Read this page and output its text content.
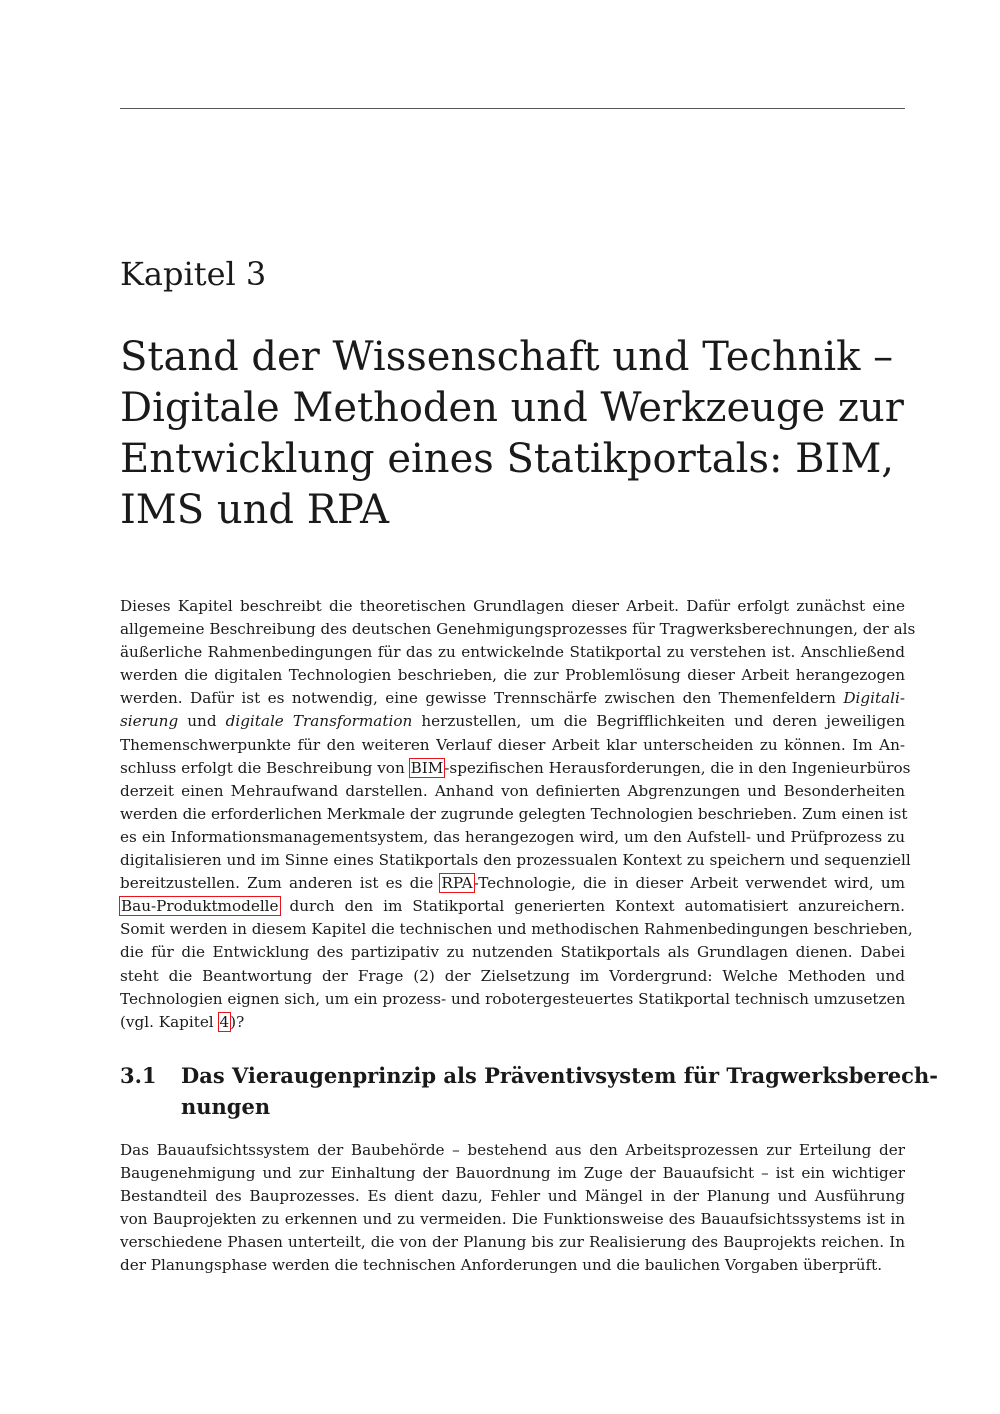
Kapitel 3
Stand der Wissenschaft und Technik –
Digitale Methoden und Werkzeuge zur
Entwicklung eines Statikportals: BIM,
IMS und RPA
Dieses Kapitel beschreibt die theoretischen Grundlagen dieser Arbeit. Dafür erfolgt zunächst eine
allgemeine Beschreibung des deutschen Genehmigungsprozesses für Tragwerksberechnungen, der als
äußerliche Rahmenbedingungen für das zu entwickelnde Statikportal zu verstehen ist. Anschließend
werden die digitalen Technologien beschrieben, die zur Problemlösung dieser Arbeit herangezogen
werden. Dafür ist es notwendig, eine gewisse Trennschärfe zwischen den Themenfeldern Digitali-
sierung und digitale Transformation herzustellen, um die Begrifflichkeiten und deren jeweiligen
Themenschwerpunkte für den weiteren Verlauf dieser Arbeit klar unterscheiden zu können. Im An-
schluss erfolgt die Beschreibung von BIM-spezifischen Herausforderungen, die in den Ingenieurbüros
derzeit einen Mehraufwand darstellen. Anhand von definierten Abgrenzungen und Besonderheiten
werden die erforderlichen Merkmale der zugrunde gelegten Technologien beschrieben. Zum einen ist
es ein Informationsmanagementsystem, das herangezogen wird, um den Aufstell- und Prüfprozess zu
digitalisieren und im Sinne eines Statikportals den prozessualen Kontext zu speichern und sequenziell
bereitzustellen. Zum anderen ist es die RPA-Technologie, die in dieser Arbeit verwendet wird, um
Bau-Produktmodelle durch den im Statikportal generierten Kontext automatisiert anzureichern.
Somit werden in diesem Kapitel die technischen und methodischen Rahmenbedingungen beschrieben,
die für die Entwicklung des partizipativ zu nutzenden Statikportals als Grundlagen dienen. Dabei
steht die Beantwortung der Frage (2) der Zielsetzung im Vordergrund: Welche Methoden und
Technologien eignen sich, um ein prozess- und robotergesteuertes Statikportal technisch umzusetzen
(vgl. Kapitel 4)?
3.1 Das Vieraugenprinzip als Präventivsystem für Tragwerksberech-
nungen
Das Bauaufsichtssystem der Baubehörde – bestehend aus den Arbeitsprozessen zur Erteilung der
Baugenehmigung und zur Einhaltung der Bauordnung im Zuge der Bauaufsicht – ist ein wichtiger
Bestandteil des Bauprozesses. Es dient dazu, Fehler und Mängel in der Planung und Ausführung
von Bauprojekten zu erkennen und zu vermeiden. Die Funktionsweise des Bauaufsichtssystems ist in
verschiedene Phasen unterteilt, die von der Planung bis zur Realisierung des Bauprojekts reichen. In
der Planungsphase werden die technischen Anforderungen und die baulichen Vorgaben überprüft.
